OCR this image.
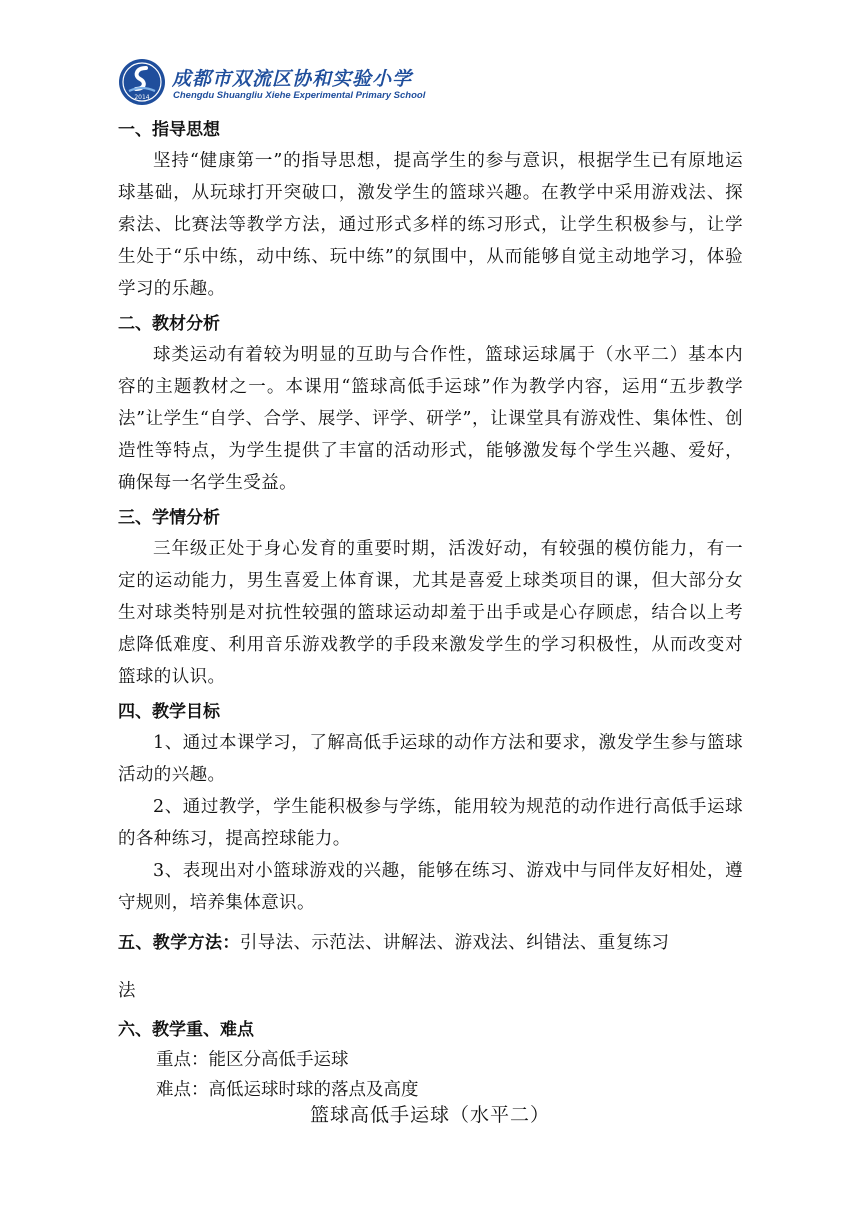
2014
成都市双流区协和实验小学
Chengdu Shuangliu Xiehe Experimental Primary School
一、指导思想

坚持“健康第一”的指导思想，提高学生的参与意识，根据学生已有原地运球基础，从玩球打开突破口，激发学生的篮球兴趣。在教学中采用游戏法、探索法、比赛法等教学方法，通过形式多样的练习形式，让学生积极参与，让学生处于“乐中练，动中练、玩中练”的氛围中，从而能够自觉主动地学习，体验学习的乐趣。

二、教材分析

球类运动有着较为明显的互助与合作性，篮球运球属于（水平二）基本内容的主题教材之一。本课用“篮球高低手运球”作为教学内容，运用“五步教学法”让学生“自学、合学、展学、评学、研学”，让课堂具有游戏性、集体性、创造性等特点，为学生提供了丰富的活动形式，能够激发每个学生兴趣、爱好，确保每一名学生受益。

三、学情分析

三年级正处于身心发育的重要时期，活泼好动，有较强的模仿能力，有一定的运动能力，男生喜爱上体育课，尤其是喜爱上球类项目的课，但大部分女生对球类特别是对抗性较强的篮球运动却羞于出手或是心存顾虑，结合以上考虑降低难度、利用音乐游戏教学的手段来激发学生的学习积极性，从而改变对篮球的认识。

四、教学目标

1、通过本课学习，了解高低手运球的动作方法和要求，激发学生参与篮球活动的兴趣。

2、通过教学，学生能积极参与学练，能用较为规范的动作进行高低手运球的各种练习，提高控球能力。

3、表现出对小篮球游戏的兴趣，能够在练习、游戏中与同伴友好相处，遵守规则，培养集体意识。

五、教学方法：引导法、示范法、讲解法、游戏法、纠错法、重复练习
法

六、教学重、难点

重点：能区分高低手运球

难点：高低运球时球的落点及高度

篮球高低手运球（水平二）
